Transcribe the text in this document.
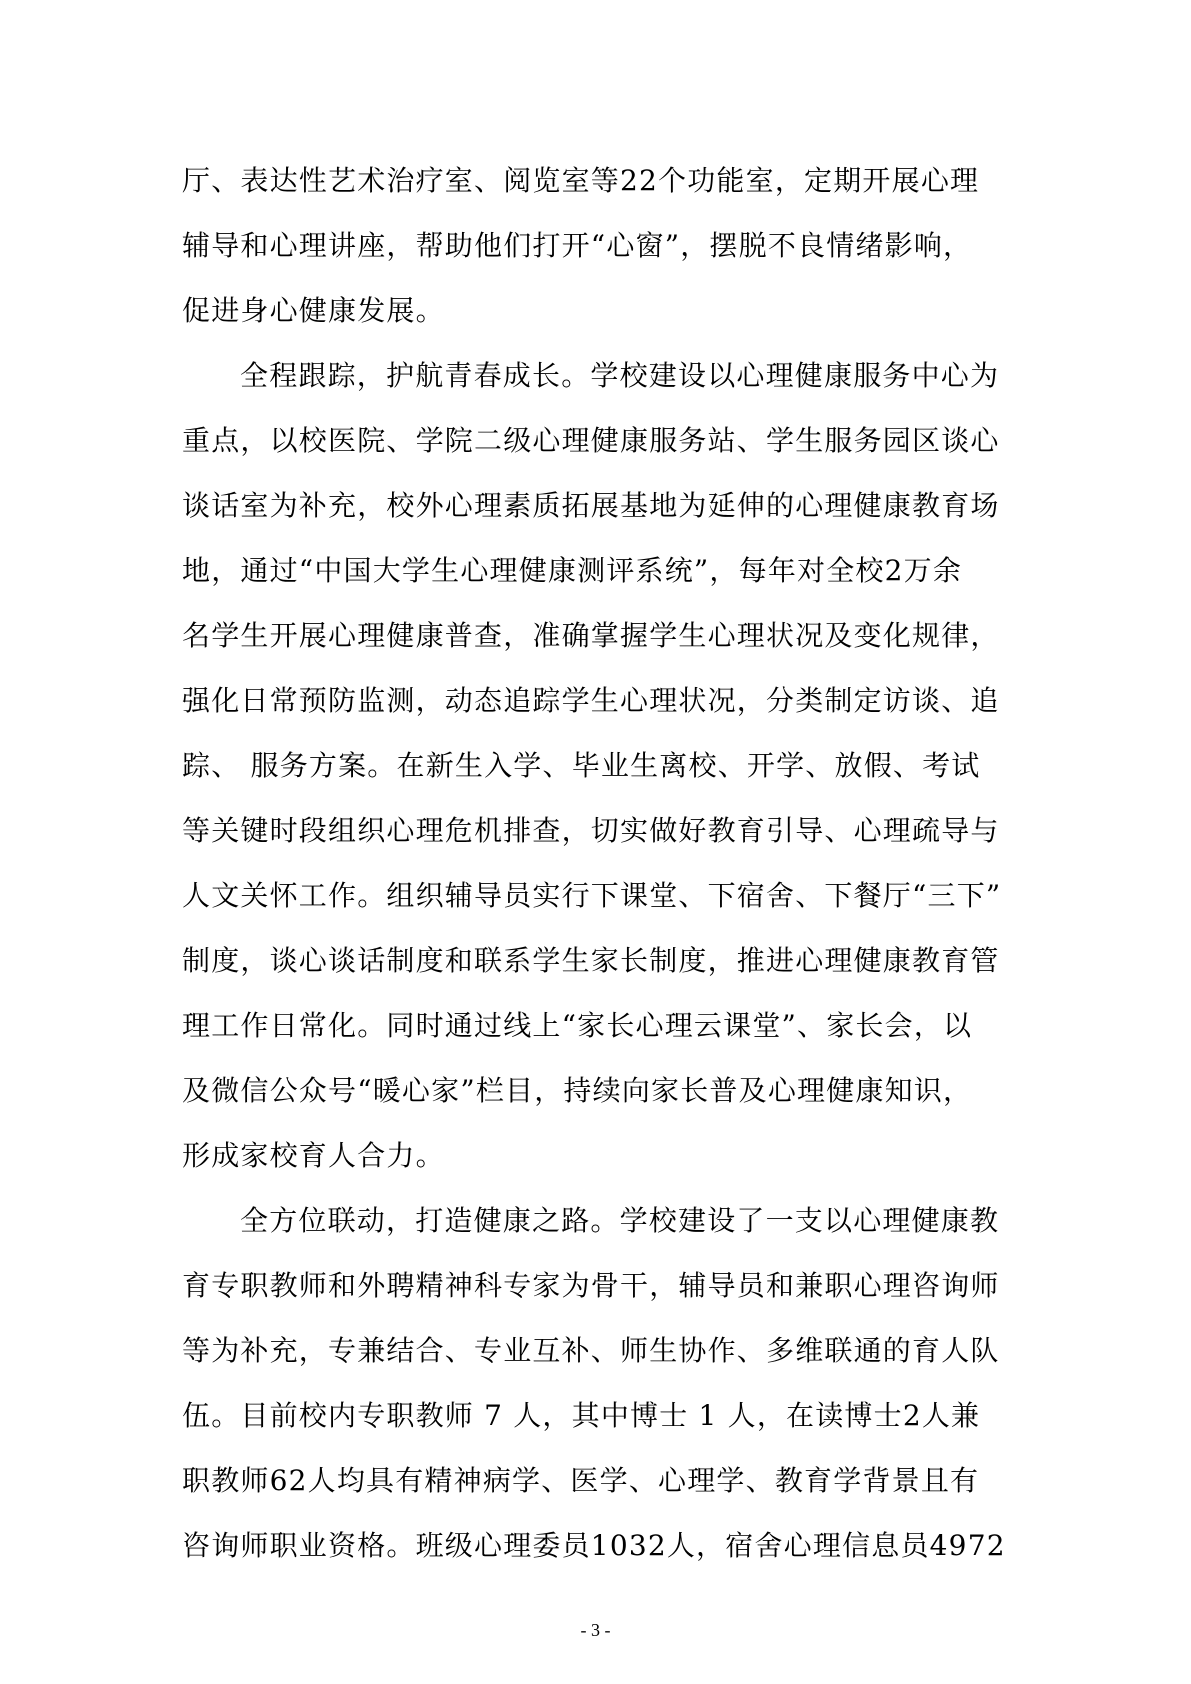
厅、表达性艺术治疗室、阅览室等22个功能室，定期开展心理
辅导和心理讲座，帮助他们打开“心窗”，摆脱不良情绪影响，
促进身心健康发展。
全程跟踪，护航青春成长。学校建设以心理健康服务中心为
重点，以校医院、学院二级心理健康服务站、学生服务园区谈心
谈话室为补充，校外心理素质拓展基地为延伸的心理健康教育场
地，通过“中国大学生心理健康测评系统”，每年对全校2万余
名学生开展心理健康普查，准确掌握学生心理状况及变化规律，
强化日常预防监测，动态追踪学生心理状况，分类制定访谈、追
踪、 服务方案。在新生入学、毕业生离校、开学、放假、考试
等关键时段组织心理危机排查，切实做好教育引导、心理疏导与
人文关怀工作。组织辅导员实行下课堂、下宿舍、下餐厅“三下”
制度，谈心谈话制度和联系学生家长制度，推进心理健康教育管
理工作日常化。同时通过线上“家长心理云课堂”、家长会，以
及微信公众号“暖心家”栏目，持续向家长普及心理健康知识，
形成家校育人合力。
全方位联动，打造健康之路。学校建设了一支以心理健康教
育专职教师和外聘精神科专家为骨干，辅导员和兼职心理咨询师
等为补充，专兼结合、专业互补、师生协作、多维联通的育人队
伍。目前校内专职教师 7 人，其中博士 1 人，在读博士2人兼
职教师62人均具有精神病学、医学、心理学、教育学背景且有
咨询师职业资格。班级心理委员1032人，宿舍心理信息员4972
- 3 -
